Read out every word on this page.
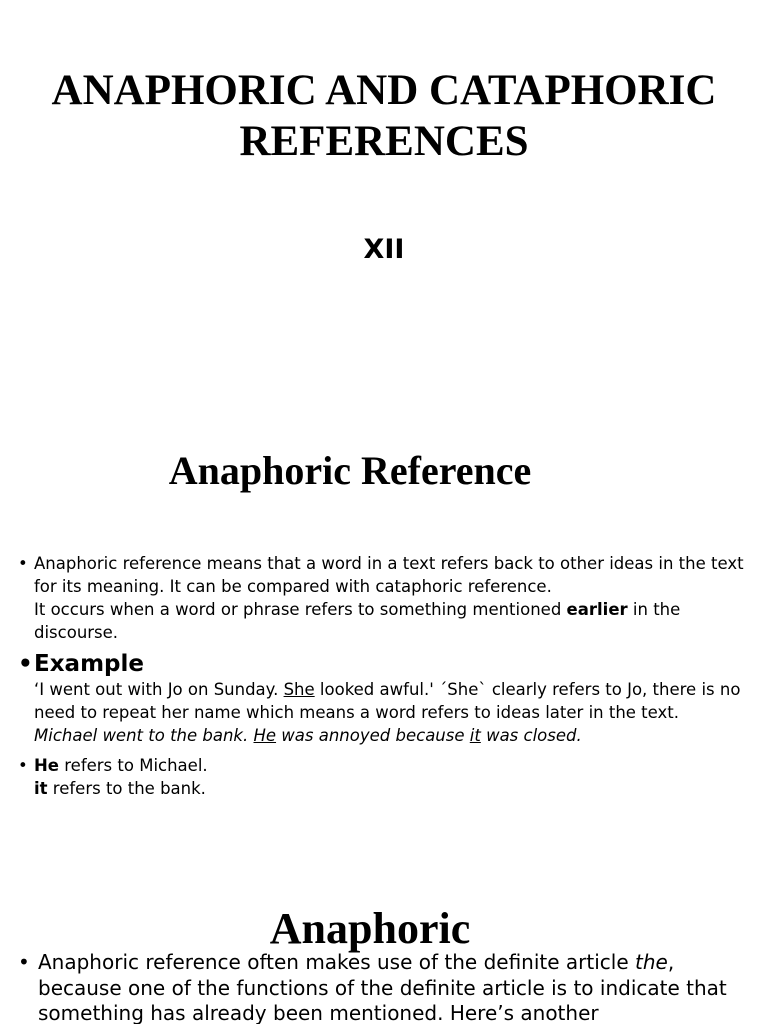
ANAPHORIC AND CATAPHORIC REFERENCES
XII
Anaphoric Reference
• Anaphoric reference means that a word in a text refers back to other ideas in the text for its meaning. It can be compared with cataphoric reference.
It occurs when a word or phrase refers to something mentioned earlier in the discourse.
• Example
‘I went out with Jo on Sunday. She looked awful.' ´She` clearly refers to Jo, there is no need to repeat her name which means a word refers to ideas later in the text. Michael went to the bank. He was annoyed because it was closed.
• He refers to Michael.
it refers to the bank.
Anaphoric
• Anaphoric reference often makes use of the definite article the, because one of the functions of the definite article is to indicate that something has already been mentioned. Here’s another
